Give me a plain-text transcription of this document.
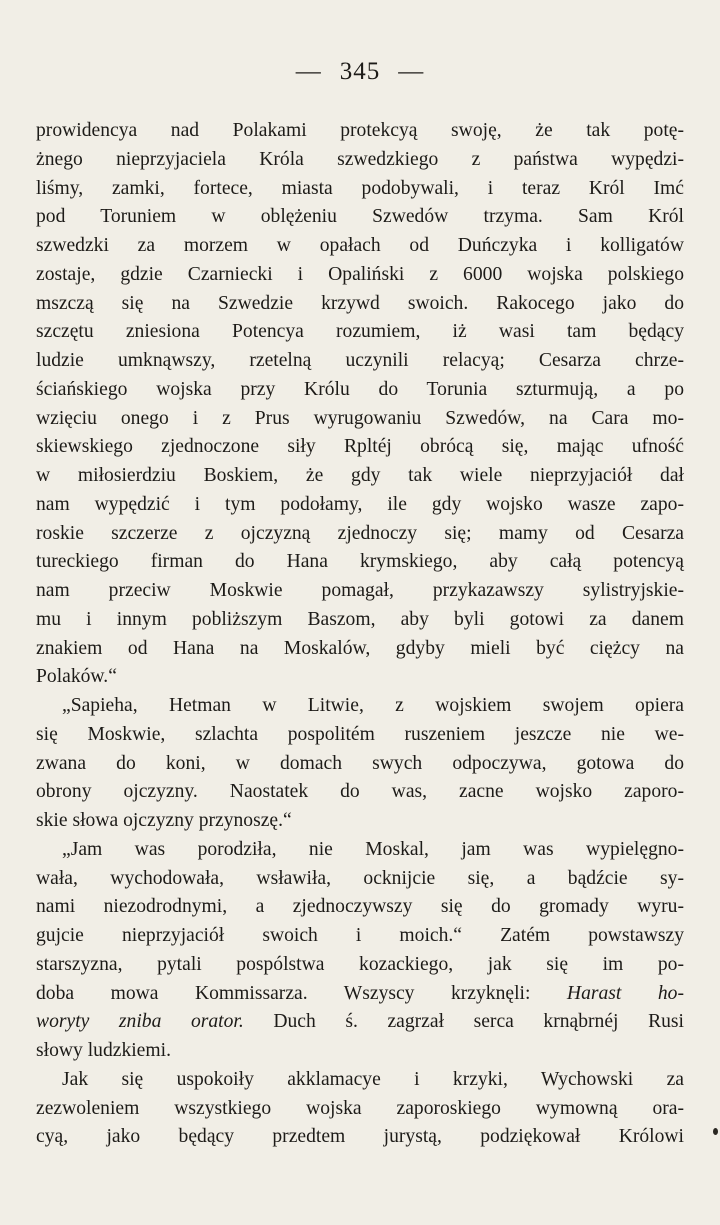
— 345 —
prowidencya nad Polakami protekcyą swoję, że tak potę-
żnego nieprzyjaciela Króla szwedzkiego z państwa wypędzi-
liśmy, zamki, fortece, miasta podobywali, i teraz Król Imć
pod Toruniem w oblężeniu Szwedów trzyma. Sam Król
szwedzki za morzem w opałach od Duńczyka i kolligatów
zostaje, gdzie Czarniecki i Opaliński z 6000 wojska polskiego
mszczą się na Szwedzie krzywd swoich. Rakocego jako do
szczętu zniesiona Potencya rozumiem, iż wasi tam będący
ludzie umknąwszy, rzetelną uczynili relacyą; Cesarza chrze-
ściańskiego wojska przy Królu do Torunia szturmują, a po
wzięciu onego i z Prus wyrugowaniu Szwedów, na Cara mo-
skiewskiego zjednoczone siły Rpltéj obrócą się, mając ufność
w miłosierdziu Boskiem, że gdy tak wiele nieprzyjaciół dał
nam wypędzić i tym podołamy, ile gdy wojsko wasze zapo-
roskie szczerze z ojczyzną zjednoczy się; mamy od Cesarza
tureckiego firman do Hana krymskiego, aby całą potencyą
nam przeciw Moskwie pomagał, przykazawszy sylistryjskie-
mu i innym pobliższym Baszom, aby byli gotowi za danem
znakiem od Hana na Moskalów, gdyby mieli być ciężcy na
Polaków.“
„Sapieha, Hetman w Litwie, z wojskiem swojem opiera
się Moskwie, szlachta pospolitém ruszeniem jeszcze nie we-
zwana do koni, w domach swych odpoczywa, gotowa do
obrony ojczyzny. Naostatek do was, zacne wojsko zaporo-
skie słowa ojczyzny przynoszę.“
„Jam was porodziła, nie Moskal, jam was wypielęgno-
wała, wychodowała, wsławiła, ocknijcie się, a bądźcie sy-
nami niezodrodnymi, a zjednoczywszy się do gromady wyru-
gujcie nieprzyjaciół swoich i moich.“ Zatém powstawszy
starszyzna, pytali pospólstwa kozackiego, jak się im po-
doba mowa Kommissarza. Wszyscy krzyknęli: Harast ho-
woryty zniba orator. Duch ś. zagrzał serca krnąbrnéj Rusi
słowy ludzkiemi.
Jak się uspokoiły akklamacye i krzyki, Wychowski za
zezwoleniem wszystkiego wojska zaporoskiego wymowną ora-
cyą, jako będący przedtem jurystą, podziękował Królowi
